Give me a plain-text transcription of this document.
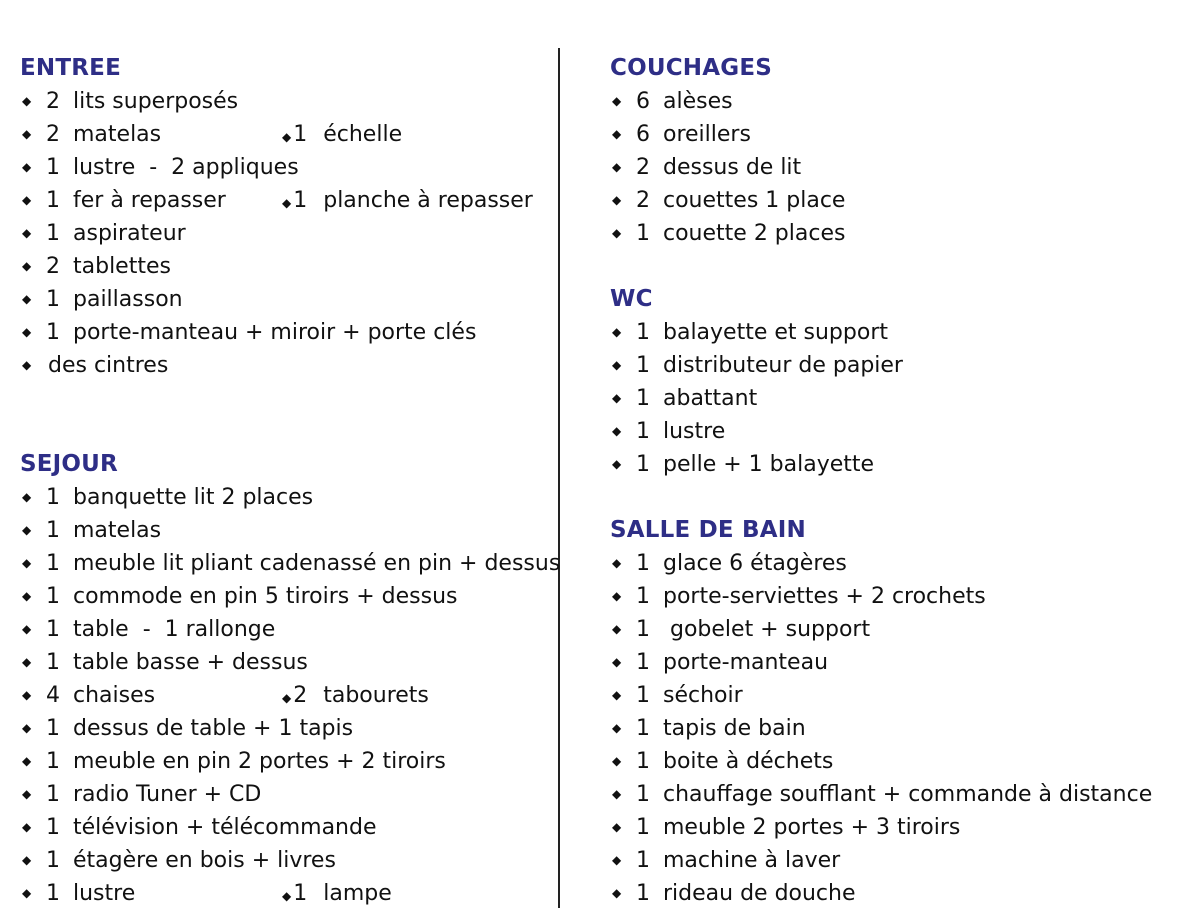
ENTREE
◆ 2 lits superposés
◆ 2 matelas	◆1 échelle
◆ 1 lustre  -  2 appliques
◆ 1 fer à repasser	◆1 planche à repasser
◆ 1 aspirateur
◆ 2 tablettes
◆ 1 paillasson
◆ 1 porte-manteau + miroir + porte clés
◆ des cintres
SEJOUR
◆ 1 banquette lit 2 places
◆ 1 matelas
◆ 1 meuble lit pliant cadenassé en pin + dessus
◆ 1 commode en pin 5 tiroirs + dessus
◆ 1 table  -  1 rallonge
◆ 1 table basse + dessus
◆ 4 chaises	◆2 tabourets
◆ 1 dessus de table + 1 tapis
◆ 1 meuble en pin 2 portes + 2 tiroirs
◆ 1 radio Tuner + CD
◆ 1 télévision + télécommande
◆ 1 étagère en bois + livres
◆ 1 lustre	◆1 lampe
COUCHAGES
◆ 6 alèses
◆ 6 oreillers
◆ 2 dessus de lit
◆ 2 couettes 1 place
◆ 1 couette 2 places
WC
◆ 1 balayette et support
◆ 1 distributeur de papier
◆ 1 abattant
◆ 1 lustre
◆ 1 pelle + 1 balayette
SALLE DE BAIN
◆ 1 glace 6 étagères
◆ 1 porte-serviettes + 2 crochets
◆ 1 gobelet + support
◆ 1 porte-manteau
◆ 1 séchoir
◆ 1 tapis de bain
◆ 1 boite à déchets
◆ 1 chauffage soufflant + commande à distance
◆ 1 meuble 2 portes + 3 tiroirs
◆ 1 machine à laver
◆ 1 rideau de douche
